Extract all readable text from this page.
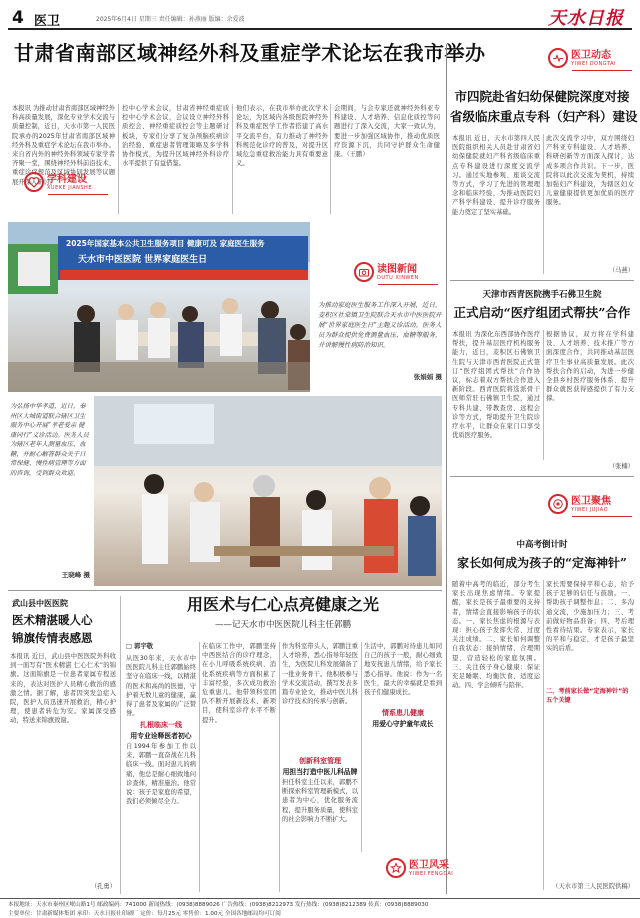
4 医卫	2025年6月4日 星期三 责任编辑：孙燕丽 版编：余爱波	天水日报
甘肃省南部区域神经外科及重症学术论坛在我市举办
本报讯 为推动甘肃省南部区域神经外科高质量发展，深化专业学术交流与质量控制，近日，天水市第一人民医院承办的2025年甘肃省南部区域神经外科及重症学术论坛在我市举办。来自省内外的神经外科领域专家学者齐聚一堂，围绕神经外科前沿技术、重症诊疗规范及区域协同发展等议题展开深入研讨。
学科建设
XUEKE JIANSHE
控中心学术会议，甘肃省神经重症质控中心学术会议，会议设立神经外科质控会、神经重症质控会等主题研讨板块，专家们分享了复杂颅脑疾病诊治经验、重症患者管理策略及多学科协作模式，为提升区域神经外科诊疗水平提供了有益借鉴。
他们表示，在我市举办此次学术论坛，为区域内各级医院神经外科及重症医学工作者搭建了高水平交流平台，有力推动了神经外科规范化诊疗的普及，对提升区域危急重症救治能力具有重要意义。
会期间，与会专家还就神经外科亚专科建设、人才培养、信息化质控等问题进行了深入交流，大家一致认为，要进一步加强区域协作，推动优质医疗资源下沉，共同守护群众生命健康。（王鹏）
2025年国家基本公共卫生服务项目 健康可及 家庭医生服务
天水市中医医院 世界家庭医生日
读图新闻
DUTU XINWEN
为推动家庭医生服务工作深入开展，近日，麦积区社棠镇卫生院联合天水市中医医院开展“世界家庭医生日”主题义诊活动。医务人员为群众提供免费测量血压、血糖等服务，并讲解慢性病防治知识。
张娟娟 摄
为弘扬中华孝道，近日，秦州区大城街道联合辖区卫生服务中心开展“孝老爱亲 健康同行”义诊活动。医务人员为辖区老年人测量血压、血糖，并耐心解答群众关于日常保健、慢性病管理等方面的咨询，受到群众欢迎。
王晓峰 摄
武山县中医医院
医术精湛暖人心
锦旗传情表感恩
本报讯 近日，武山县中医医院外科收到一面写有“医术精湛 仁心仁术”的锦旗。这面锦旗是一位患者家属专程送来的，表达对医护人员精心救治的感激之情。据了解，患者因突发急症入院，医护人员迅速开展救治，精心护理，使患者转危为安。家属深受感动，特送来锦旗致谢。
（孔勇）
用医术与仁心点亮健康之光
——记天水市中医医院儿科主任郭鹏
□ 郭宇敬
从医30年来，天水市中医医院儿科主任郭鹏始终坚守在临床一线，以精湛的医术和高尚的医德，守护着无数儿童的健康，赢得了患者及家属的广泛赞誉。
扎根临床一线
用专业诠释医者初心
自1994年参加工作以来，郭鹏一直奋战在儿科临床一线。面对患儿的病痛，他总是耐心细致地问诊查体，精准施治。他常说：孩子是家庭的希望，我们必须倾尽全力。
在临床工作中，郭鹏坚持中西医结合的诊疗理念，在小儿呼吸系统疾病、消化系统疾病等方面积累了丰富经验，多次成功救治危重患儿。他带领科室团队不断开展新技术、新项目，使科室诊疗水平不断提升。
作为科室带头人，郭鹏注重人才培养，悉心指导年轻医生，为医院儿科发展储备了一批业务骨干。他积极参与学术交流活动，撰写发表多篇专业论文，推动中医儿科诊疗技术的传承与创新。
创新科室管理
用担当打造中医儿科品牌
担任科室主任以来，郭鹏不断探索科室管理新模式，以患者为中心，优化服务流程，提升服务质量，使科室的社会影响力不断扩大。
生活中，郭鹏对待患儿如同自己的孩子一般，耐心细致地安抚患儿情绪，给予家长悉心指导。他说：作为一名医生，最大的幸福就是看到孩子们健康成长。
情系患儿健康
用爱心守护童年成长
医卫风采
YIWEI FENGCAI
医卫动态
YIWEI DONGTAI
市四院赴省妇幼保健院深度对接
省级临床重点专科（妇产科）建设
本报讯 近日，天水市第四人民医院组织相关人员赴甘肃省妇幼保健院就妇产科省级临床重点专科建设进行深度交流学习。通过实地参观、座谈交流等方式，学习了先进的管理理念和临床经验，为推动医院妇产科学科建设、提升诊疗服务能力奠定了坚实基础。
此次交流学习中，双方围绕妇产科亚专科建设、人才培养、科研创新等方面深入探讨，达成多项合作共识。下一步，医院将以此次交流为契机，持续加强妇产科建设，为辖区妇女儿童健康提供更加优质的医疗服务。
（马燕）
天津市西青医院携手石佛卫生院
正式启动“医疗组团式帮扶”合作
本报讯 为深化东西部协作医疗帮扶，提升基层医疗机构服务能力，近日，麦积区石佛镇卫生院与天津市西青医院正式签订“医疗组团式帮扶”合作协议，标志着双方帮扶合作进入新阶段。西青医院将选派骨干医师常驻石佛镇卫生院，通过专科共建、带教查房、远程会诊等方式，帮助提升卫生院诊疗水平，让群众在家门口享受优质医疗服务。
根据协议，双方将在学科建设、人才培养、技术推广等方面深度合作，共同推动基层医疗卫生事业高质量发展。此次帮扶合作的启动，为进一步健全县乡村医疗服务体系、提升群众就医获得感提供了有力支撑。
（张楠）
医卫聚焦
YIWEI JUJIAO
中高考倒计时
家长如何成为孩子的“定海神针”
随着中高考的临近，部分考生家长出现焦虑情绪。专家提醒，家长是孩子最重要的支持者，情绪会直接影响孩子的状态。一、家长焦虑的根源与表现：担心孩子发挥失常、过度关注成绩。二、家长如何调整自我状态：接纳情绪、合理期望、营造轻松的家庭氛围。三、关注孩子身心健康：保证充足睡眠、均衡饮食、适度运动。四、学会倾听与陪伴。
家长需要保持平和心态，给予孩子足够的信任与鼓励。一、帮助孩子调整作息；二、多沟通交流，少施加压力；三、考前做好物品准备；四、考后理性看待结果。专家表示，家长的平和与稳定，才是孩子最坚实的后盾。
二、考前家长做“定海神针”的五个关键
（天水市第三人民医院供稿）
本报地址：天水市秦州区岷山路1号 邮政编码：741000 新闻热线：(0938)8889026 广告热线：(0938)8212973 发行热线：(0938)8212389 传真：(0938)8889030
主要单位：甘肃新媒体集团 承印：天水日报社印刷厂 定价：每月25元 零售价：1.00元 全国各地邮局均可订阅
